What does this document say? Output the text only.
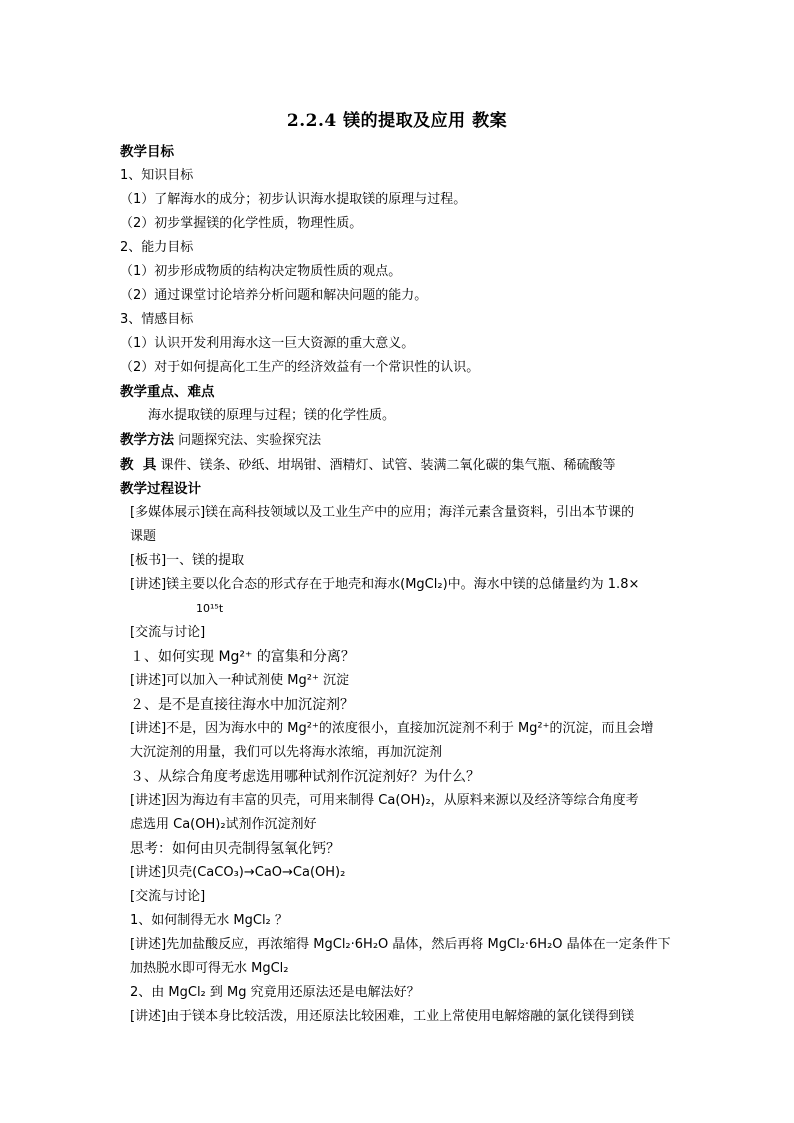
2.2.4 镁的提取及应用 教案
教学目标
1、知识目标
（1）了解海水的成分；初步认识海水提取镁的原理与过程。
（2）初步掌握镁的化学性质，物理性质。
2、能力目标
（1）初步形成物质的结构决定物质性质的观点。
（2）通过课堂讨论培养分析问题和解决问题的能力。
3、情感目标
（1）认识开发利用海水这一巨大资源的重大意义。
（2）对于如何提高化工生产的经济效益有一个常识性的认识。
教学重点、难点
海水提取镁的原理与过程；镁的化学性质。
教学方法 问题探究法、实验探究法
教  具 课件、镁条、砂纸、坩埚钳、酒精灯、试管、装满二氧化碳的集气瓶、稀硫酸等
教学过程设计
[多媒体展示]镁在高科技领域以及工业生产中的应用；海洋元素含量资料，引出本节课的
课题
[板书]一、镁的提取
[讲述]镁主要以化合态的形式存在于地壳和海水(MgCl₂)中。海水中镁的总储量约为 1.8×
10¹⁵t
[交流与讨论]
１、如何实现 Mg²⁺ 的富集和分离？
[讲述]可以加入一种试剂使 Mg²⁺ 沉淀
２、是不是直接往海水中加沉淀剂？
[讲述]不是，因为海水中的 Mg²⁺的浓度很小，直接加沉淀剂不利于 Mg²⁺的沉淀，而且会增
大沉淀剂的用量，我们可以先将海水浓缩，再加沉淀剂
３、从综合角度考虑选用哪种试剂作沉淀剂好？为什么？
[讲述]因为海边有丰富的贝壳，可用来制得 Ca(OH)₂，从原料来源以及经济等综合角度考
虑选用 Ca(OH)₂试剂作沉淀剂好
思考：如何由贝壳制得氢氧化钙？
[讲述]贝壳(CaCO₃)→CaO→Ca(OH)₂
[交流与讨论]
1、如何制得无水 MgCl₂ ？
[讲述]先加盐酸反应，再浓缩得 MgCl₂·6H₂O 晶体，然后再将 MgCl₂·6H₂O 晶体在一定条件下
加热脱水即可得无水 MgCl₂
2、由 MgCl₂ 到 Mg 究竟用还原法还是电解法好？
[讲述]由于镁本身比较活泼，用还原法比较困难，工业上常使用电解熔融的氯化镁得到镁
